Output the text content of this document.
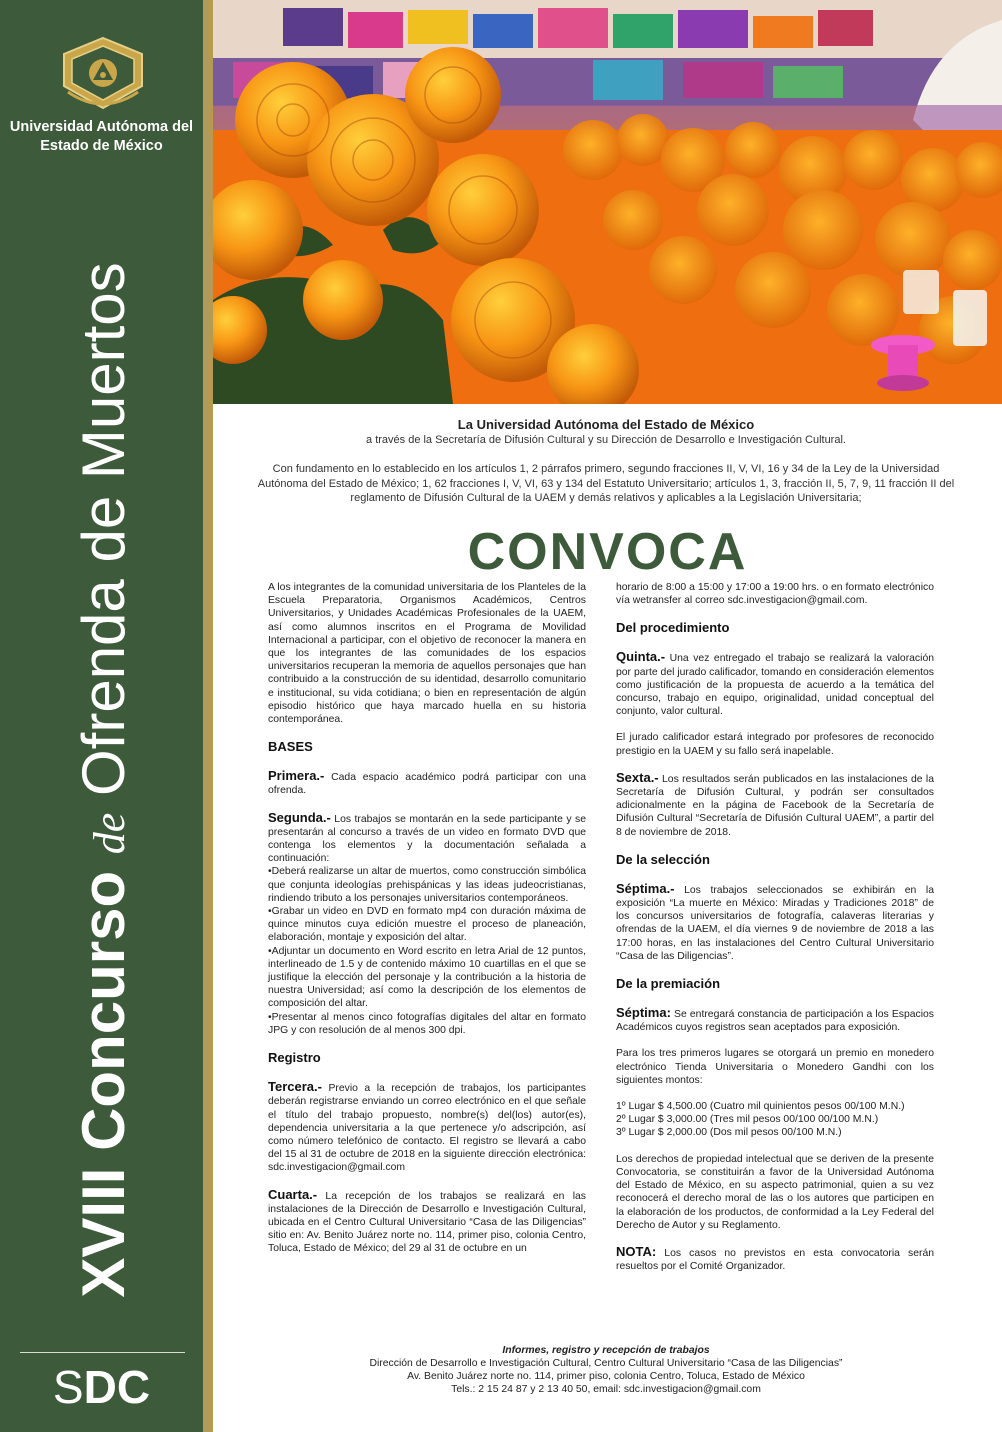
Universidad Autónoma del Estado de México
XVIII Concurso de Ofrenda de Muertos
SDC
La Universidad Autónoma del Estado de México
a través de la Secretaría de Difusión Cultural y su Dirección de Desarrollo e Investigación Cultural.
Con fundamento en lo establecido en los artículos 1, 2 párrafos primero, segundo fracciones II, V, VI, 16 y 34 de la Ley de la Universidad Autónoma del Estado de México; 1, 62 fracciones I, V, VI, 63 y 134 del Estatuto Universitario; artículos 1, 3, fracción II, 5, 7, 9, 11 fracción II del reglamento de Difusión Cultural de la UAEM y demás relativos y aplicables a la Legislación Universitaria;
CONVOCA

A los integrantes de la comunidad universitaria de los Planteles de la Escuela Preparatoria, Organismos Académicos, Centros Universitarios, y Unidades Académicas Profesionales de la UAEM, así como alumnos inscritos en el Programa de Movilidad Internacional a participar, con el objetivo de reconocer la manera en que los integrantes de las comunidades de los espacios universitarios recuperan la memoria de aquellos personajes que han contribuido a la construcción de su identidad, desarrollo comunitario e institucional, su vida cotidiana; o bien en representación de algún episodio histórico que haya marcado huella en su historia contemporánea.

BASES

Primera.- Cada espacio académico podrá participar con una ofrenda.

Segunda.- Los trabajos se montarán en la sede participante y se presentarán al concurso a través de un video en formato DVD que contenga los elementos y la documentación señalada a continuación:
•Deberá realizarse un altar de muertos, como construcción simbólica que conjunta ideologías prehispánicas y las ideas judeocristianas, rindiendo tributo a los personajes universitarios contemporáneos.
•Grabar un video en DVD en formato mp4 con duración máxima de quince minutos cuya edición muestre el proceso de planeación, elaboración, montaje y exposición del altar.
•Adjuntar un documento en Word escrito en letra Arial de 12 puntos, interlineado de 1.5 y de contenido máximo 10 cuartillas en el que se justifique la elección del personaje y la contribución a la historia de nuestra Universidad; así como la descripción de los elementos de composición del altar.
•Presentar al menos cinco fotografías digitales del altar en formato JPG y con resolución de al menos 300 dpi.

Registro

Tercera.- Previo a la recepción de trabajos, los participantes deberán registrarse enviando un correo electrónico en el que señale el título del trabajo propuesto, nombre(s) del(los) autor(es), dependencia universitaria a la que pertenece y/o adscripción, así como número telefónico de contacto. El registro se llevará a cabo del 15 al 31 de octubre de 2018 en la siguiente dirección electrónica: sdc.investigacion@gmail.com

Cuarta.- La recepción de los trabajos se realizará en las instalaciones de la Dirección de Desarrollo e Investigación Cultural, ubicada en el Centro Cultural Universitario “Casa de las Diligencias” sitio en: Av. Benito Juárez norte no. 114, primer piso, colonia Centro, Toluca, Estado de México; del 29 al 31 de octubre en un

horario de 8:00 a 15:00 y 17:00 a 19:00 hrs. o en formato electrónico vía wetransfer al correo sdc.investigacion@gmail.com.

Del procedimiento

Quinta.- Una vez entregado el trabajo se realizará la valoración por parte del jurado calificador, tomando en consideración elementos como justificación de la propuesta de acuerdo a la temática del concurso, trabajo en equipo, originalidad, unidad conceptual del conjunto, valor cultural.

El jurado calificador estará integrado por profesores de reconocido prestigio en la UAEM y su fallo será inapelable.

Sexta.- Los resultados serán publicados en las instalaciones de la Secretaría de Difusión Cultural, y podrán ser consultados adicionalmente en la página de Facebook de la Secretaría de Difusión Cultural “Secretaría de Difusión Cultural UAEM”, a partir del 8 de noviembre de 2018.

De la selección

Séptima.- Los trabajos seleccionados se exhibirán en la exposición “La muerte en México: Miradas y Tradiciones 2018” de los concursos universitarios de fotografía, calaveras literarias y ofrendas de la UAEM, el día viernes 9 de noviembre de 2018 a las 17:00 horas, en las instalaciones del Centro Cultural Universitario “Casa de las Diligencias”.

De la premiación

Séptima: Se entregará constancia de participación a los Espacios Académicos cuyos registros sean aceptados para exposición.

Para los tres primeros lugares se otorgará un premio en monedero electrónico Tienda Universitaria o Monedero Gandhi con los siguientes montos:

1º Lugar $ 4,500.00 (Cuatro mil quinientos pesos 00/100 M.N.)
2º Lugar $ 3,000.00 (Tres mil pesos 00/100 00/100 M.N.)
3º Lugar $ 2,000.00 (Dos mil pesos 00/100 M.N.)

Los derechos de propiedad intelectual que se deriven de la presente Convocatoria, se constituirán a favor de la Universidad Autónoma del Estado de México, en su aspecto patrimonial, quien a su vez reconocerá el derecho moral de las o los autores que participen en la elaboración de los productos, de conformidad a la Ley Federal del Derecho de Autor y su Reglamento.

NOTA: Los casos no previstos en esta convocatoria serán resueltos por el Comité Organizador.

Informes, registro y recepción de trabajos
Dirección de Desarrollo e Investigación Cultural, Centro Cultural Universitario “Casa de las Diligencias”
Av. Benito Juárez norte no. 114, primer piso, colonia Centro, Toluca, Estado de México
Tels.: 2 15 24 87 y 2 13 40 50, email: sdc.investigacion@gmail.com
